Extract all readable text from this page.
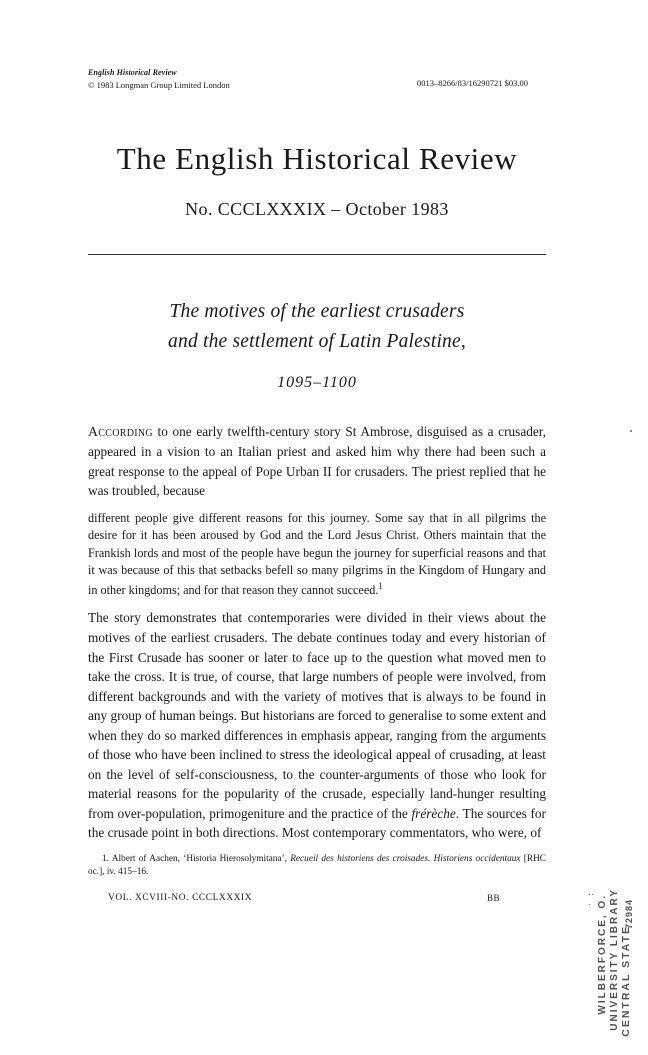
English Historical Review
© 1983 Longman Group Limited London	0013–8266/83/16290721 $03.00
The English Historical Review
No. CCCLXXXIX – October 1983
The motives of the earliest crusaders
and the settlement of Latin Palestine,
1095–1100

According to one early twelfth-century story St Ambrose, disguised as a crusader, appeared in a vision to an Italian priest and asked him why there had been such a great response to the appeal of Pope Urban II for crusaders. The priest replied that he was troubled, because

different people give different reasons for this journey. Some say that in all pilgrims the desire for it has been aroused by God and the Lord Jesus Christ. Others maintain that the Frankish lords and most of the people have begun the journey for superficial reasons and that it was because of this that setbacks befell so many pilgrims in the Kingdom of Hungary and in other kingdoms; and for that reason they cannot succeed.$^1$

The story demonstrates that contemporaries were divided in their views about the motives of the earliest crusaders. The debate continues today and every historian of the First Crusade has sooner or later to face up to the question what moved men to take the cross. It is true, of course, that large numbers of people were involved, from different backgrounds and with the variety of motives that is always to be found in any group of human beings. But historians are forced to generalise to some extent and when they do so marked differences in emphasis appear, ranging from the arguments of those who have been inclined to stress the ideological appeal of crusading, at least on the level of self-consciousness, to the counter-arguments of those who look for material reasons for the popularity of the crusade, especially land-hunger resulting from over-population, primogeniture and the practice of the frérèche. The sources for the crusade point in both directions. Most contemporary commentators, who were, of

1. Albert of Aachen, ‘Historia Hierosolymitana’, Recueil des historiens des croisades. Historiens occidentaux [RHC oc.], iv. 415–16.
VOL. XCVIII-NO. CCCLXXXIX	BB
CENTRAL STATE
UNIVERSITY LIBRARY
WILBERFORCE, O. 72984
·· ·
